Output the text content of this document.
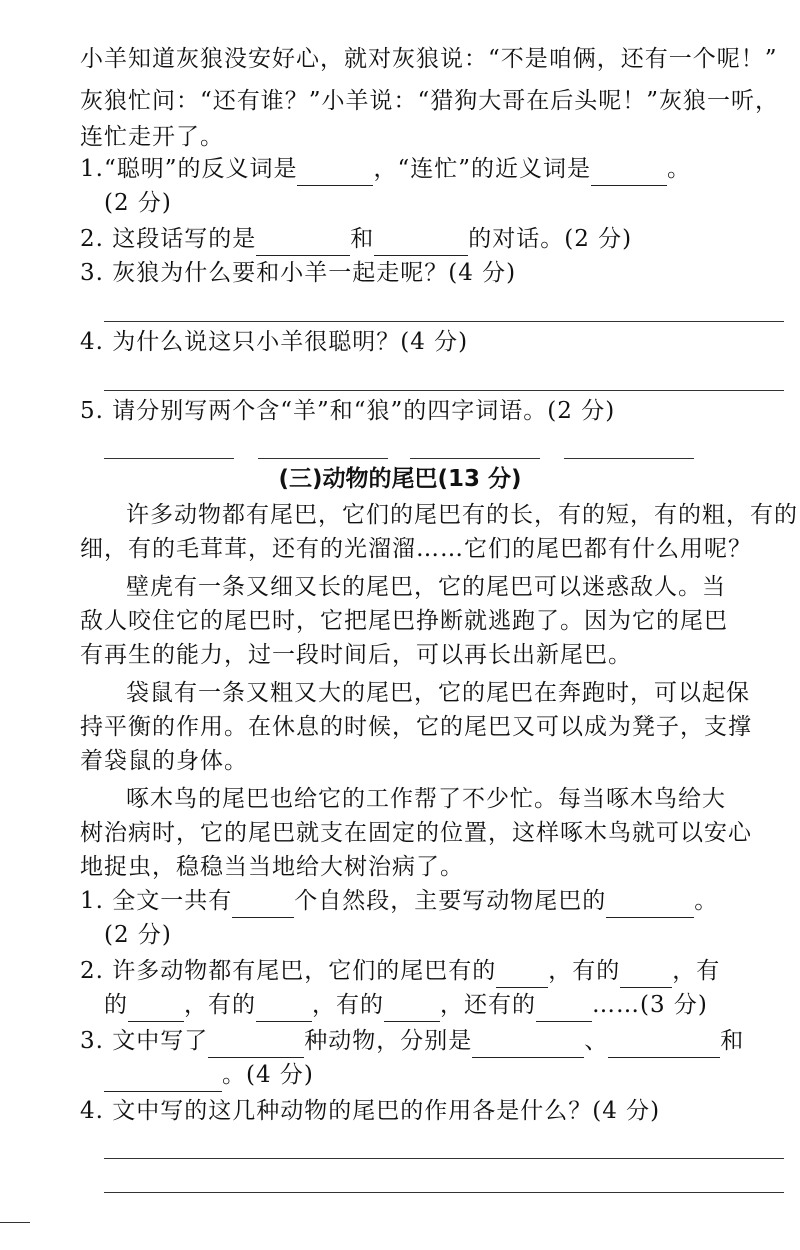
小羊知道灰狼没安好心，就对灰狼说：“不是咱俩，还有一个呢！”
灰狼忙问：“还有谁？”小羊说：“猎狗大哥在后头呢！”灰狼一听，
连忙走开了。
1.“聪明”的反义词是	，“连忙”的近义词是	。
(2 分)
2. 这段话写的是	和	的对话。(2 分)
3. 灰狼为什么要和小羊一起走呢？(4 分)
4. 为什么说这只小羊很聪明？(4 分)
5. 请分别写两个含“羊”和“狼”的四字词语。(2 分)
(三)动物的尾巴(13 分)
许多动物都有尾巴，它们的尾巴有的长，有的短，有的粗，有的
细，有的毛茸茸，还有的光溜溜……它们的尾巴都有什么用呢？
壁虎有一条又细又长的尾巴，它的尾巴可以迷惑敌人。当
敌人咬住它的尾巴时，它把尾巴挣断就逃跑了。因为它的尾巴
有再生的能力，过一段时间后，可以再长出新尾巴。
袋鼠有一条又粗又大的尾巴，它的尾巴在奔跑时，可以起保
持平衡的作用。在休息的时候，它的尾巴又可以成为凳子，支撑
着袋鼠的身体。
啄木鸟的尾巴也给它的工作帮了不少忙。每当啄木鸟给大
树治病时，它的尾巴就支在固定的位置，这样啄木鸟就可以安心
地捉虫，稳稳当当地给大树治病了。
1. 全文一共有	个自然段，主要写动物尾巴的	。
(2 分)
2. 许多动物都有尾巴，它们的尾巴有的 ，有的 ，有
的 ，有的 ，有的 ，还有的 ……(3 分)
3. 文中写了	种动物，分别是	、	和
。(4 分)
4. 文中写的这几种动物的尾巴的作用各是什么？(4 分)
